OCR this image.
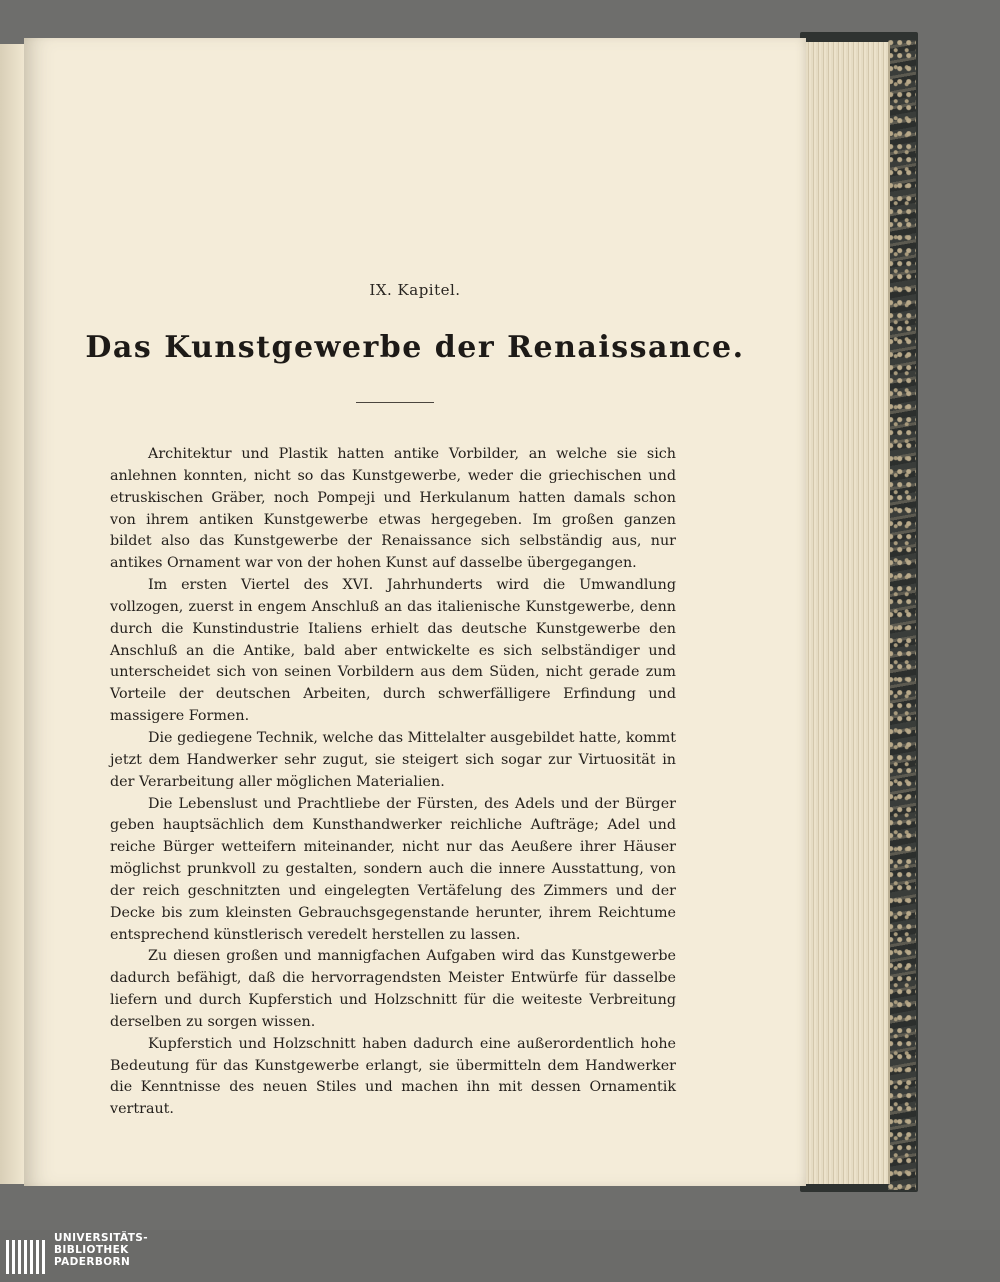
IX. Kapitel.
Das Kunstgewerbe der Renaissance.

Architektur und Plastik hatten antike Vorbilder, an welche sie sich anlehnen konnten, nicht so das Kunstgewerbe, weder die griechischen und etruskischen Gräber, noch Pompeji und Herkulanum hatten damals schon von ihrem antiken Kunstgewerbe etwas hergegeben. Im großen ganzen bildet also das Kunstgewerbe der Renaissance sich selbständig aus, nur antikes Ornament war von der hohen Kunst auf dasselbe übergegangen.

Im ersten Viertel des XVI. Jahrhunderts wird die Umwandlung vollzogen, zuerst in engem Anschluß an das italienische Kunstgewerbe, denn durch die Kunstindustrie Italiens erhielt das deutsche Kunstgewerbe den Anschluß an die Antike, bald aber entwickelte es sich selbständiger und unterscheidet sich von seinen Vorbildern aus dem Süden, nicht gerade zum Vorteile der deutschen Arbeiten, durch schwerfälligere Erfindung und massigere Formen.

Die gediegene Technik, welche das Mittelalter ausgebildet hatte, kommt jetzt dem Handwerker sehr zugut, sie steigert sich sogar zur Virtuosität in der Verarbeitung aller möglichen Materialien.

Die Lebenslust und Prachtliebe der Fürsten, des Adels und der Bürger geben hauptsächlich dem Kunsthandwerker reichliche Aufträge; Adel und reiche Bürger wetteifern miteinander, nicht nur das Aeußere ihrer Häuser möglichst prunkvoll zu gestalten, sondern auch die innere Ausstattung, von der reich geschnitzten und eingelegten Vertäfelung des Zimmers und der Decke bis zum kleinsten Gebrauchsgegenstande herunter, ihrem Reichtume entsprechend künstlerisch veredelt herstellen zu lassen.

Zu diesen großen und mannigfachen Aufgaben wird das Kunstgewerbe dadurch befähigt, daß die hervorragendsten Meister Entwürfe für dasselbe liefern und durch Kupferstich und Holzschnitt für die weiteste Verbreitung derselben zu sorgen wissen.

Kupferstich und Holzschnitt haben dadurch eine außerordentlich hohe Bedeutung für das Kunstgewerbe erlangt, sie übermitteln dem Handwerker die Kenntnisse des neuen Stiles und machen ihn mit dessen Ornamentik vertraut.

UNIVERSITÄTS-
BIBLIOTHEK
PADERBORN
